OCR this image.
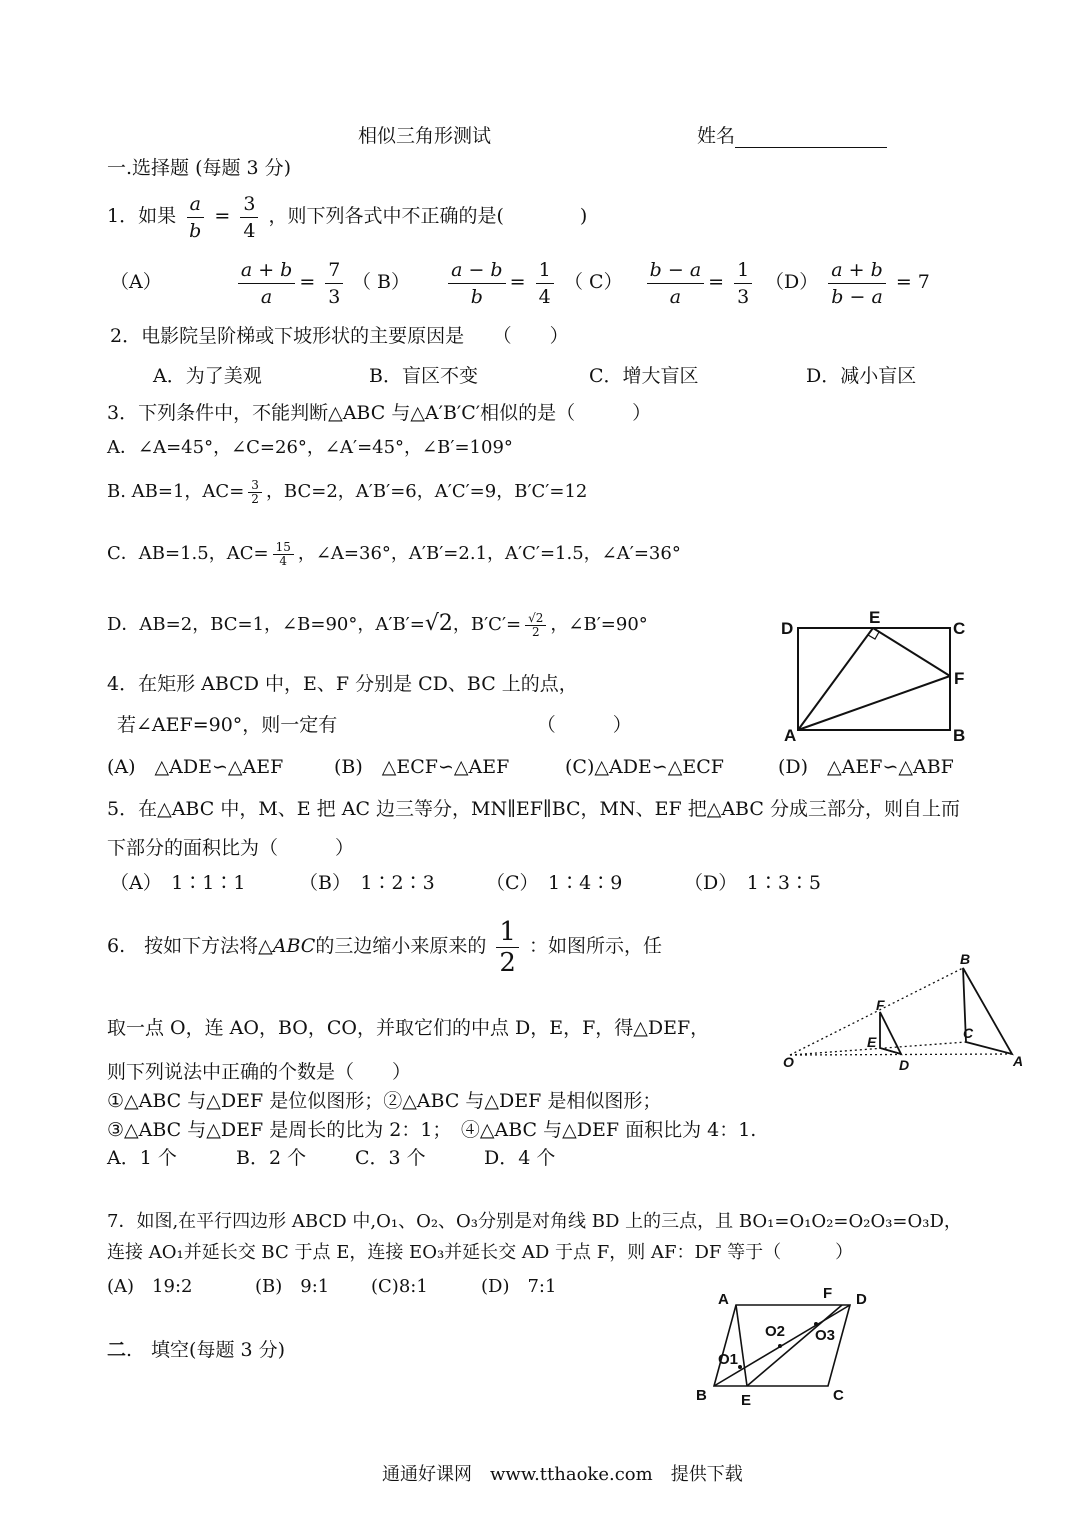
相似三角形测试	姓名
一.选择题 (每题 3 分)
1．如果 $\frac{a}{b} = \frac{3}{4}$ ，则下列各式中不正确的是(　　　　)
（A）	$\frac{a + b}{a} = \frac{7}{3}$ （ $B) \frac{a - b}{b} = \frac{1}{4}$ （ $C) \frac{b - a}{a} = \frac{1}{3} (D) \frac{a + b}{b - a} = 7$
2．电影院呈阶梯或下坡形状的主要原因是　　（　　）
A．为了美观	B．盲区不变	C．增大盲区	D．减小盲区
3．下列条件中，不能判断△ABC 与△A′B′C′相似的是（　　　）
A．∠A=45°，∠C=26°，∠A′=45°，∠B′=109°
B. AB=1，$AC= \frac{3}{2}$ ，BC=2，A′B′=6，A′C′=9，B′C′=12
C．AB=1.5，$AC= \frac{15}{4}$ ，∠A=36°，A′B′=2.1，A′C′=1.5，∠A′=36°
D．AB=2，BC=1，∠B=90°，A′B′=√2，$B'C'= \frac{√2}{2}$ ，∠B′=90°	D
E
C
F
A	B
4．在矩形 ABCD 中，E、F 分别是 CD、BC 上的点，
若∠AEF=90°，则一定有　　　　　　　　　　　（　　　）
(A)　△ADE∽△AEF	(B)　△ECF∽△AEF	(C)△ADE∽△ECF	(D)　△AEF∽△ABF
5．在△ABC 中，M、E 把 AC 边三等分，MN∥EF∥BC，MN、EF 把△ABC 分成三部分，则自上而
下部分的面积比为（　　　）
（A）　1∶1∶1	（B）　1∶2∶3	（C）　1∶4∶9	（D）　1∶3∶5
6.　按如下方法将△ABC的三边缩小来原来的 $\frac{1}{2}$ ：如图所示，任
O
B
A
C
F
E
D
取一点 O，连 AO，BO，CO，并取它们的中点 D，E，F，得△DEF，
则下列说法中正确的个数是（　　）
①△ABC 与△DEF 是位似图形；②△ABC 与△DEF 是相似图形；
③△ABC 与△DEF 是周长的比为 2：1；　④△ABC 与△DEF 面积比为 4：1.
A．1 个	B．2 个	C．3 个	D．4 个
7．如图,在平行四边形 ABCD 中,O₁、O₂、O₃分别是对角线 BD 上的三点，且 BO₁=O₁O₂=O₂O₃=O₃D，
连接 AO₁并延长交 BC 于点 E，连接 EO₃并延长交 AD 于点 F，则 AF：DF 等于（　　　）
(A)　19:2	(B)　9:1 (C)8:1	(D)　7:1
A	F D
O2 O3
O1
B E	C
二.　填空(每题 3 分)
通通好课网　www.tthaoke.com　提供下载
